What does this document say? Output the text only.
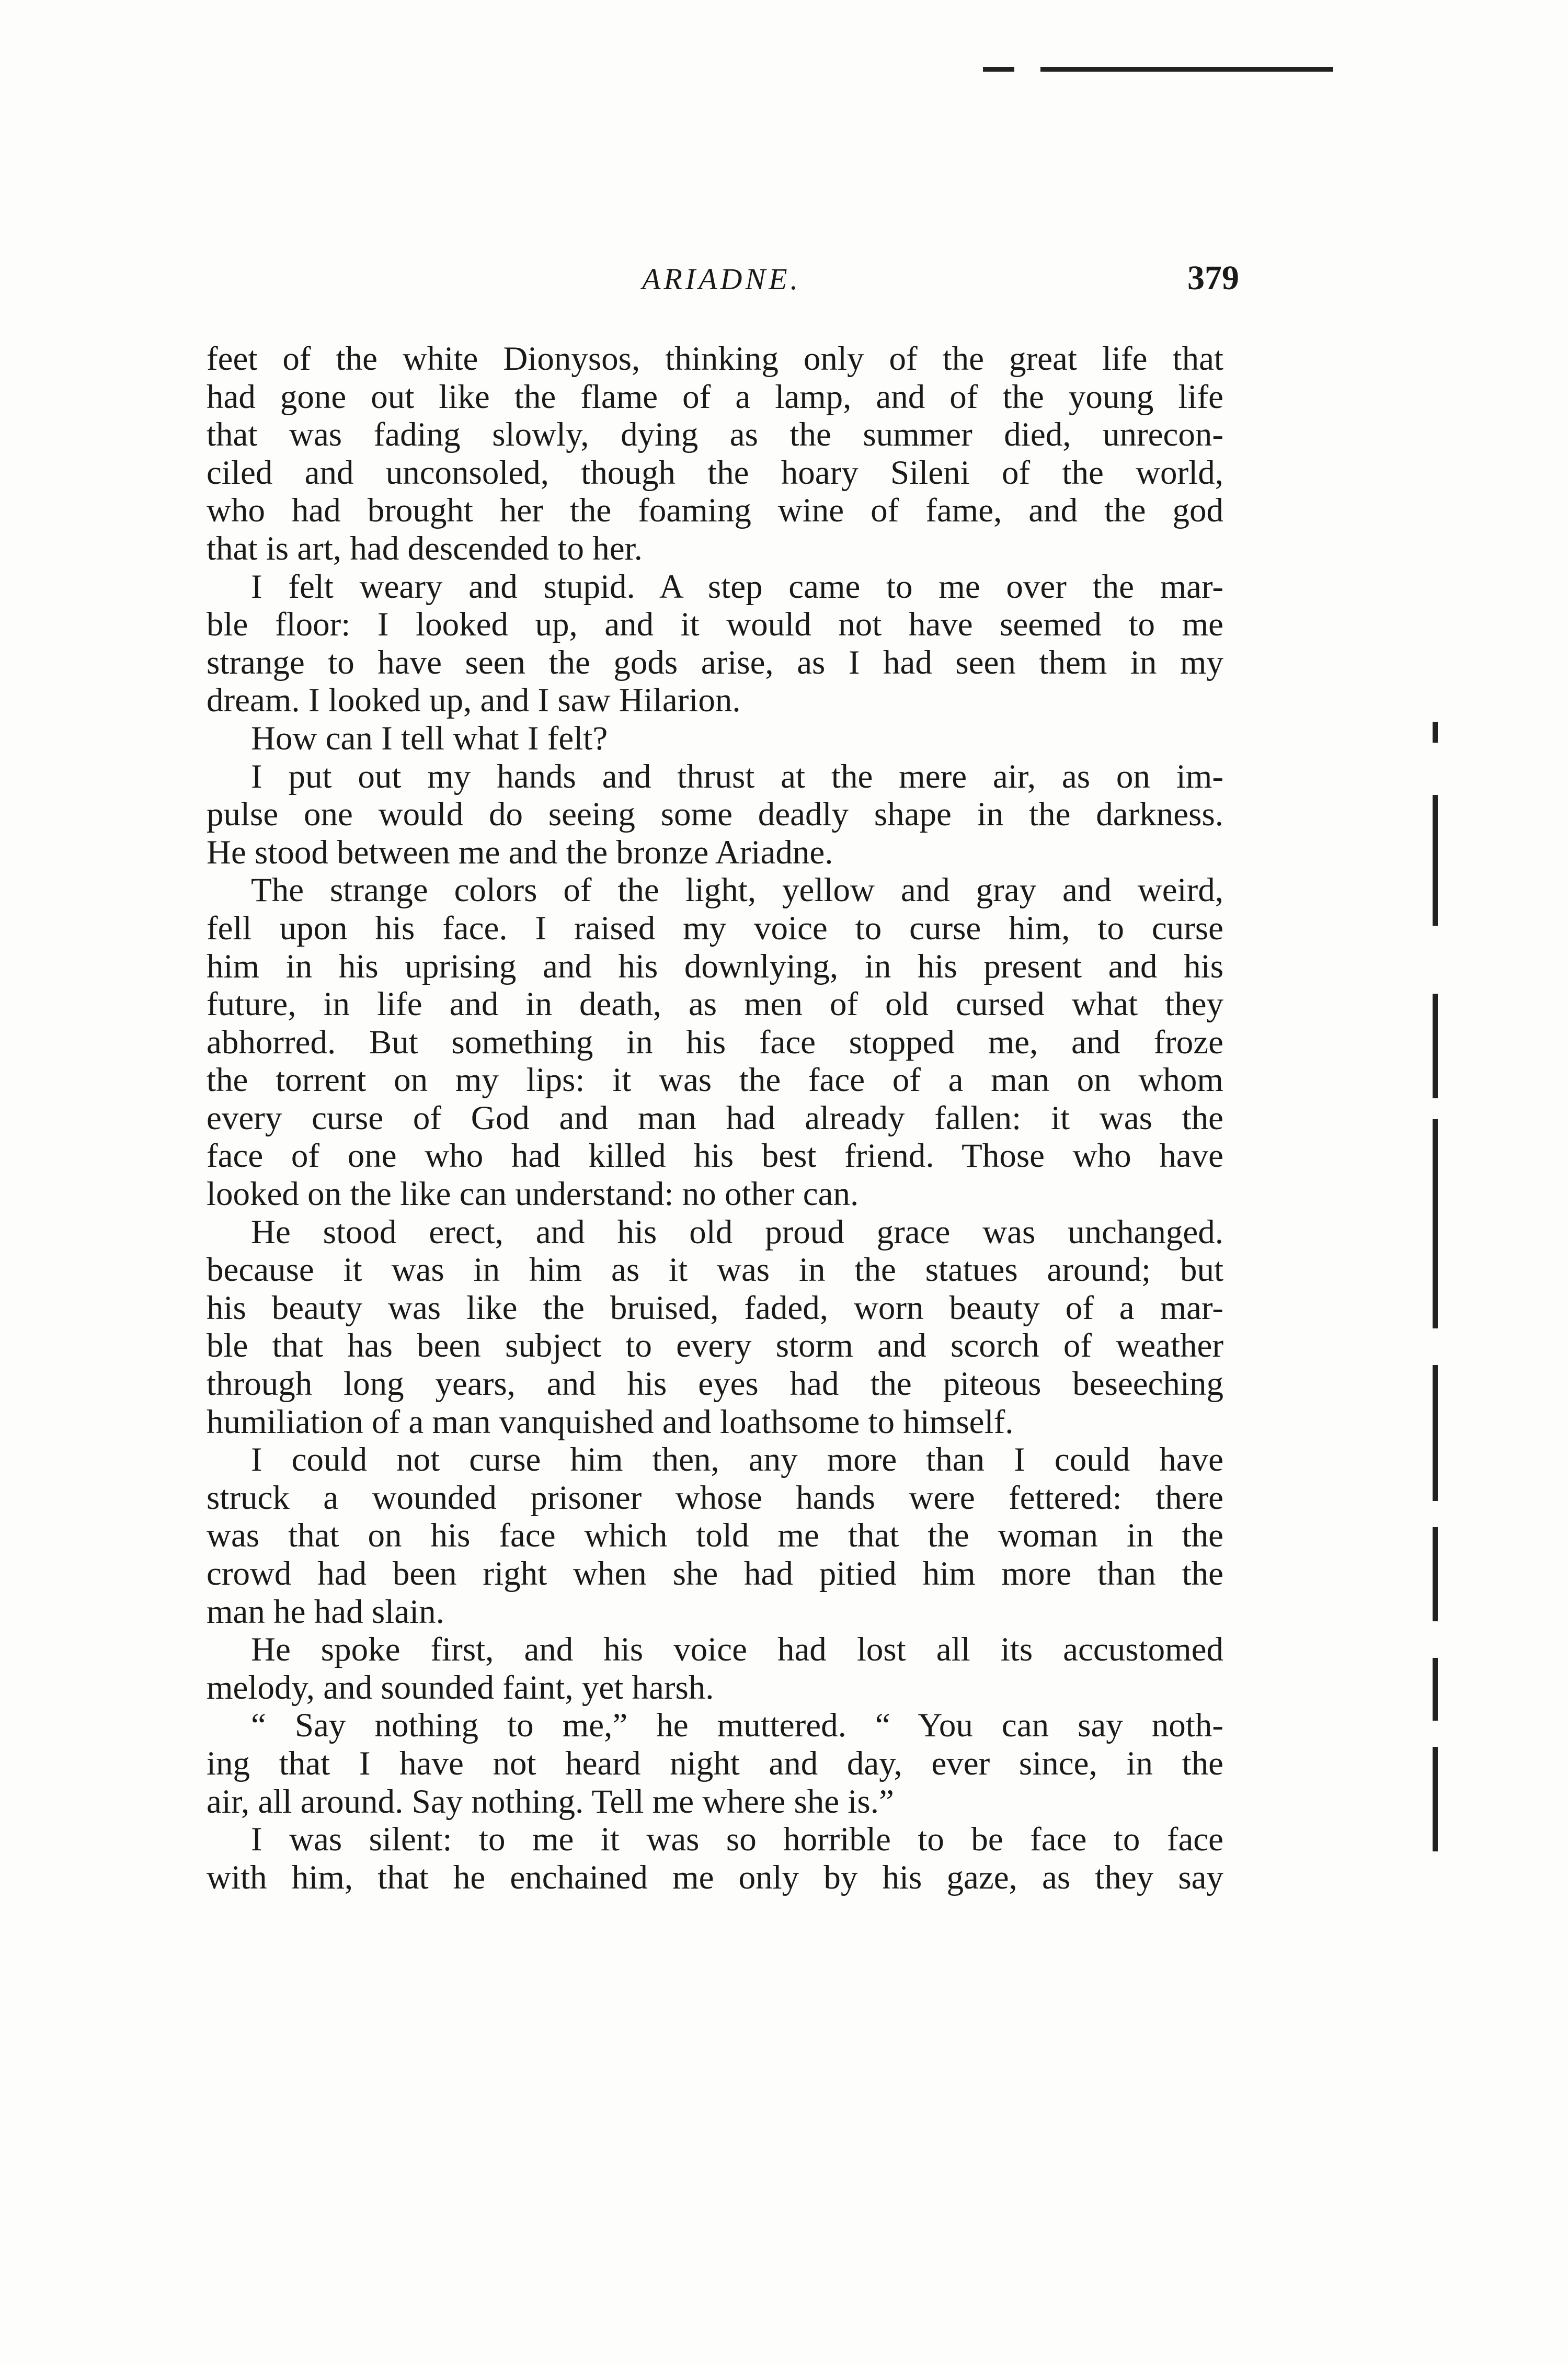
ARIADNE.	379
feet of the white Dionysos, thinking only of the great life that
had gone out like the flame of a lamp, and of the young life
that was fading slowly, dying as the summer died, unrecon-
ciled and unconsoled, though the hoary Sileni of the world,
who had brought her the foaming wine of fame, and the god
that is art, had descended to her.
I felt weary and stupid. A step came to me over the mar-
ble floor: I looked up, and it would not have seemed to me
strange to have seen the gods arise, as I had seen them in my
dream. I looked up, and I saw Hilarion.
How can I tell what I felt?
I put out my hands and thrust at the mere air, as on im-
pulse one would do seeing some deadly shape in the darkness.
He stood between me and the bronze Ariadne.
The strange colors of the light, yellow and gray and weird,
fell upon his face. I raised my voice to curse him, to curse
him in his uprising and his downlying, in his present and his
future, in life and in death, as men of old cursed what they
abhorred. But something in his face stopped me, and froze
the torrent on my lips: it was the face of a man on whom
every curse of God and man had already fallen: it was the
face of one who had killed his best friend. Those who have
looked on the like can understand: no other can.
He stood erect, and his old proud grace was unchanged.
because it was in him as it was in the statues around; but
his beauty was like the bruised, faded, worn beauty of a mar-
ble that has been subject to every storm and scorch of weather
through long years, and his eyes had the piteous beseeching
humiliation of a man vanquished and loathsome to himself.
I could not curse him then, any more than I could have
struck a wounded prisoner whose hands were fettered: there
was that on his face which told me that the woman in the
crowd had been right when she had pitied him more than the
man he had slain.
He spoke first, and his voice had lost all its accustomed
melody, and sounded faint, yet harsh.
“ Say nothing to me,” he muttered. “ You can say noth-
ing that I have not heard night and day, ever since, in the
air, all around. Say nothing. Tell me where she is.”
I was silent: to me it was so horrible to be face to face
with him, that he enchained me only by his gaze, as they say
